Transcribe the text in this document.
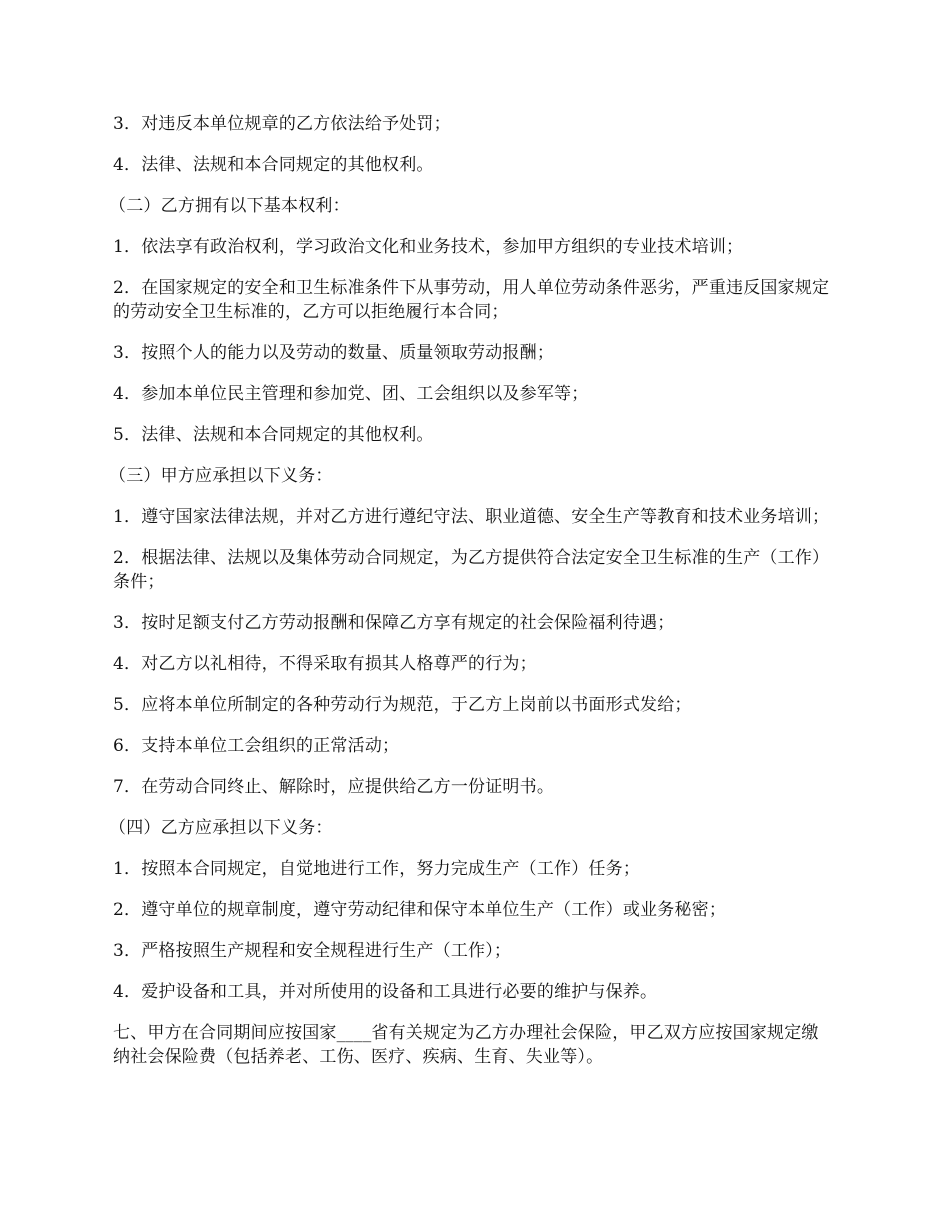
3．对违反本单位规章的乙方依法给予处罚；

4．法律、法规和本合同规定的其他权利。

（二）乙方拥有以下基本权利：

1．依法享有政治权利，学习政治文化和业务技术，参加甲方组织的专业技术培训；

2．在国家规定的安全和卫生标准条件下从事劳动，用人单位劳动条件恶劣，严重违反国家规定的劳动安全卫生标准的，乙方可以拒绝履行本合同；

3．按照个人的能力以及劳动的数量、质量领取劳动报酬；

4．参加本单位民主管理和参加党、团、工会组织以及参军等；

5．法律、法规和本合同规定的其他权利。

（三）甲方应承担以下义务：

1．遵守国家法律法规，并对乙方进行遵纪守法、职业道德、安全生产等教育和技术业务培训；

2．根据法律、法规以及集体劳动合同规定，为乙方提供符合法定安全卫生标准的生产（工作）条件；

3．按时足额支付乙方劳动报酬和保障乙方享有规定的社会保险福利待遇；

4．对乙方以礼相待，不得采取有损其人格尊严的行为；

5．应将本单位所制定的各种劳动行为规范，于乙方上岗前以书面形式发给；

6．支持本单位工会组织的正常活动；

7．在劳动合同终止、解除时，应提供给乙方一份证明书。

（四）乙方应承担以下义务：

1．按照本合同规定，自觉地进行工作，努力完成生产（工作）任务；

2．遵守单位的规章制度，遵守劳动纪律和保守本单位生产（工作）或业务秘密；

3．严格按照生产规程和安全规程进行生产（工作）；

4．爱护设备和工具，并对所使用的设备和工具进行必要的维护与保养。

七、甲方在合同期间应按国家____省有关规定为乙方办理社会保险，甲乙双方应按国家规定缴纳社会保险费（包括养老、工伤、医疗、疾病、生育、失业等）。
